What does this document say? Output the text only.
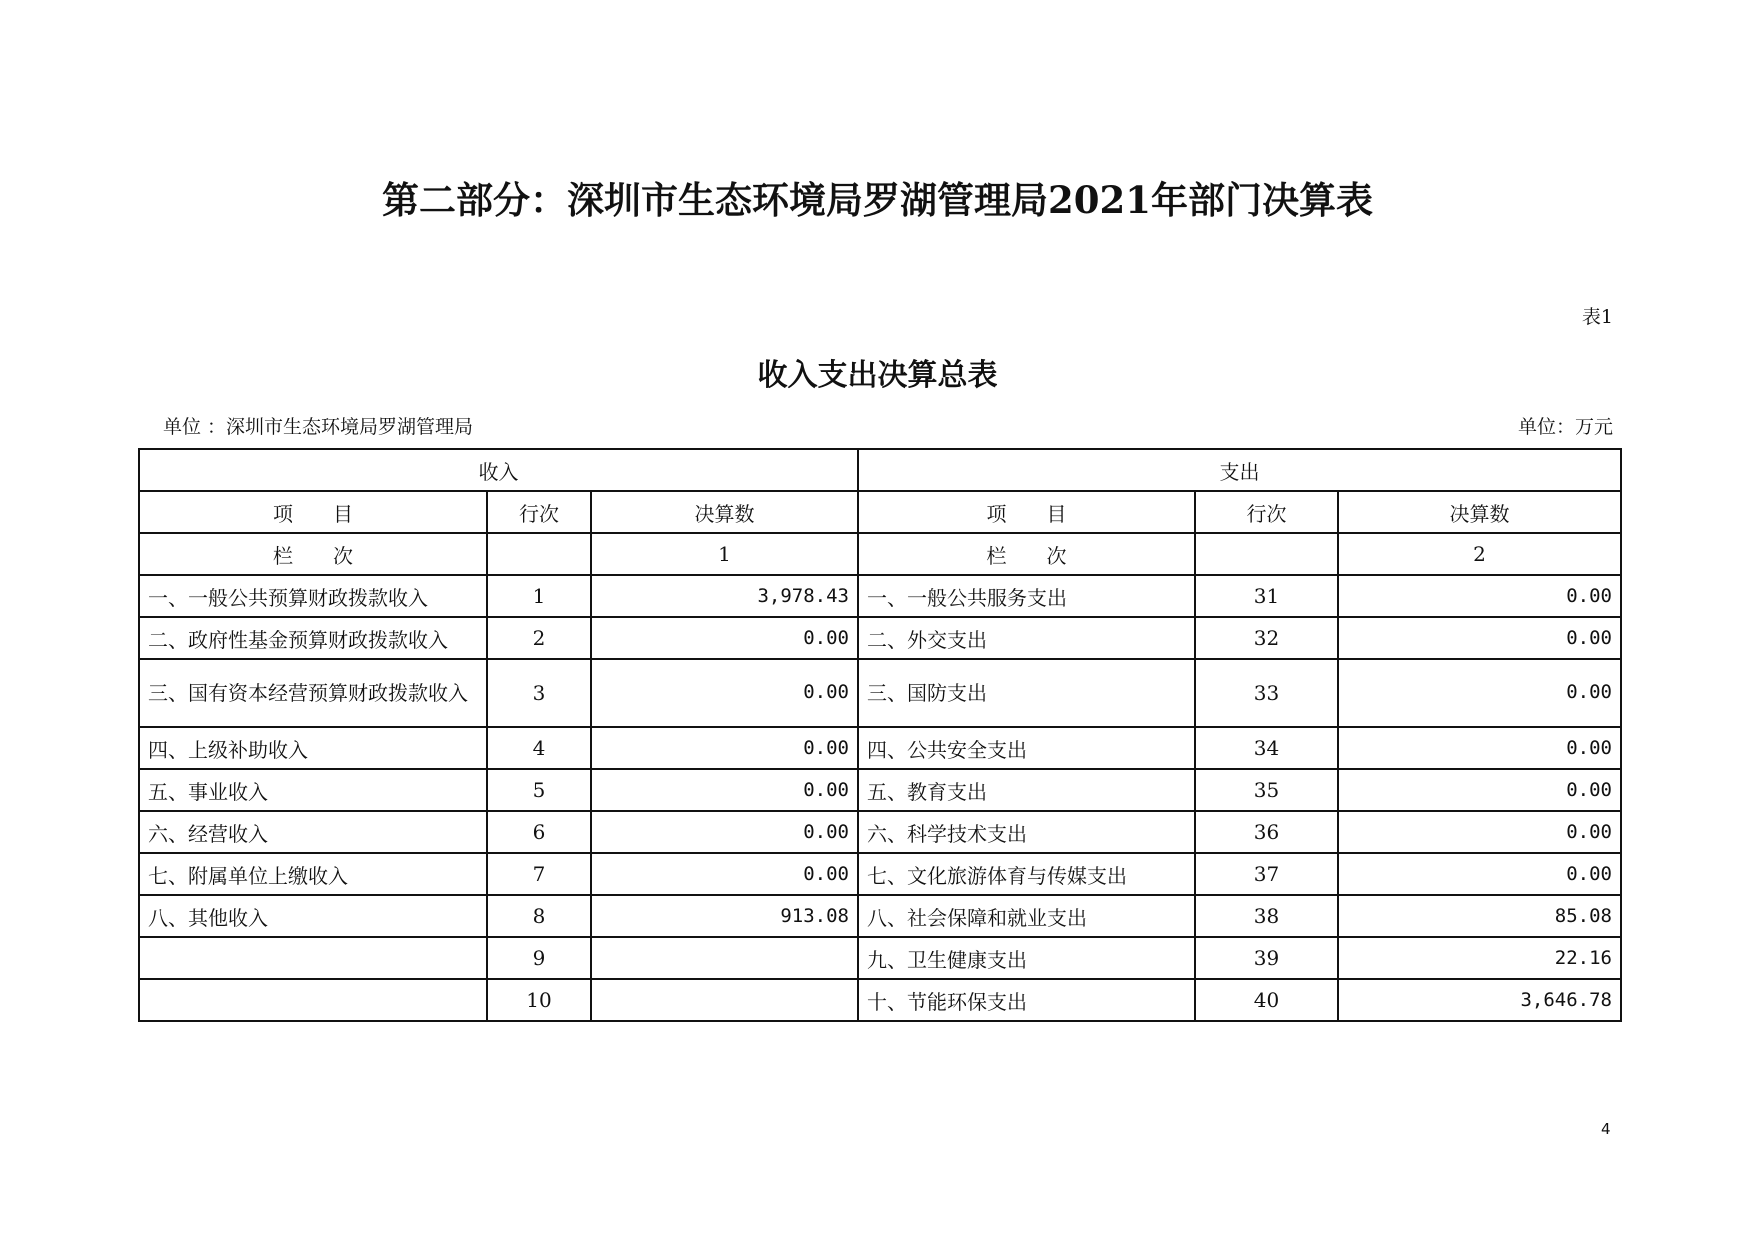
第二部分：深圳市生态环境局罗湖管理局2021年部门决算表
表1
收入支出决算总表
单位 ：深圳市生态环境局罗湖管理局	单位：万元
收入			支出		
项　　目	行次	决算数	项　　目	行次	决算数
栏　　次		1	栏　　次		2
一、一般公共预算财政拨款收入	1	3,978.43	一、一般公共服务支出	31	0.00
二、政府性基金预算财政拨款收入	2	0.00	二、外交支出	32	0.00
三、国有资本经营预算财政拨款收入	3	0.00	三、国防支出	33	0.00
四、上级补助收入	4	0.00	四、公共安全支出	34	0.00
五、事业收入	5	0.00	五、教育支出	35	0.00
六、经营收入	6	0.00	六、科学技术支出	36	0.00
七、附属单位上缴收入	7	0.00	七、文化旅游体育与传媒支出	37	0.00
八、其他收入	8	913.08	八、社会保障和就业支出	38	85.08
	9		九、卫生健康支出	39	22.16
	10		十、节能环保支出	40	3,646.78
4
